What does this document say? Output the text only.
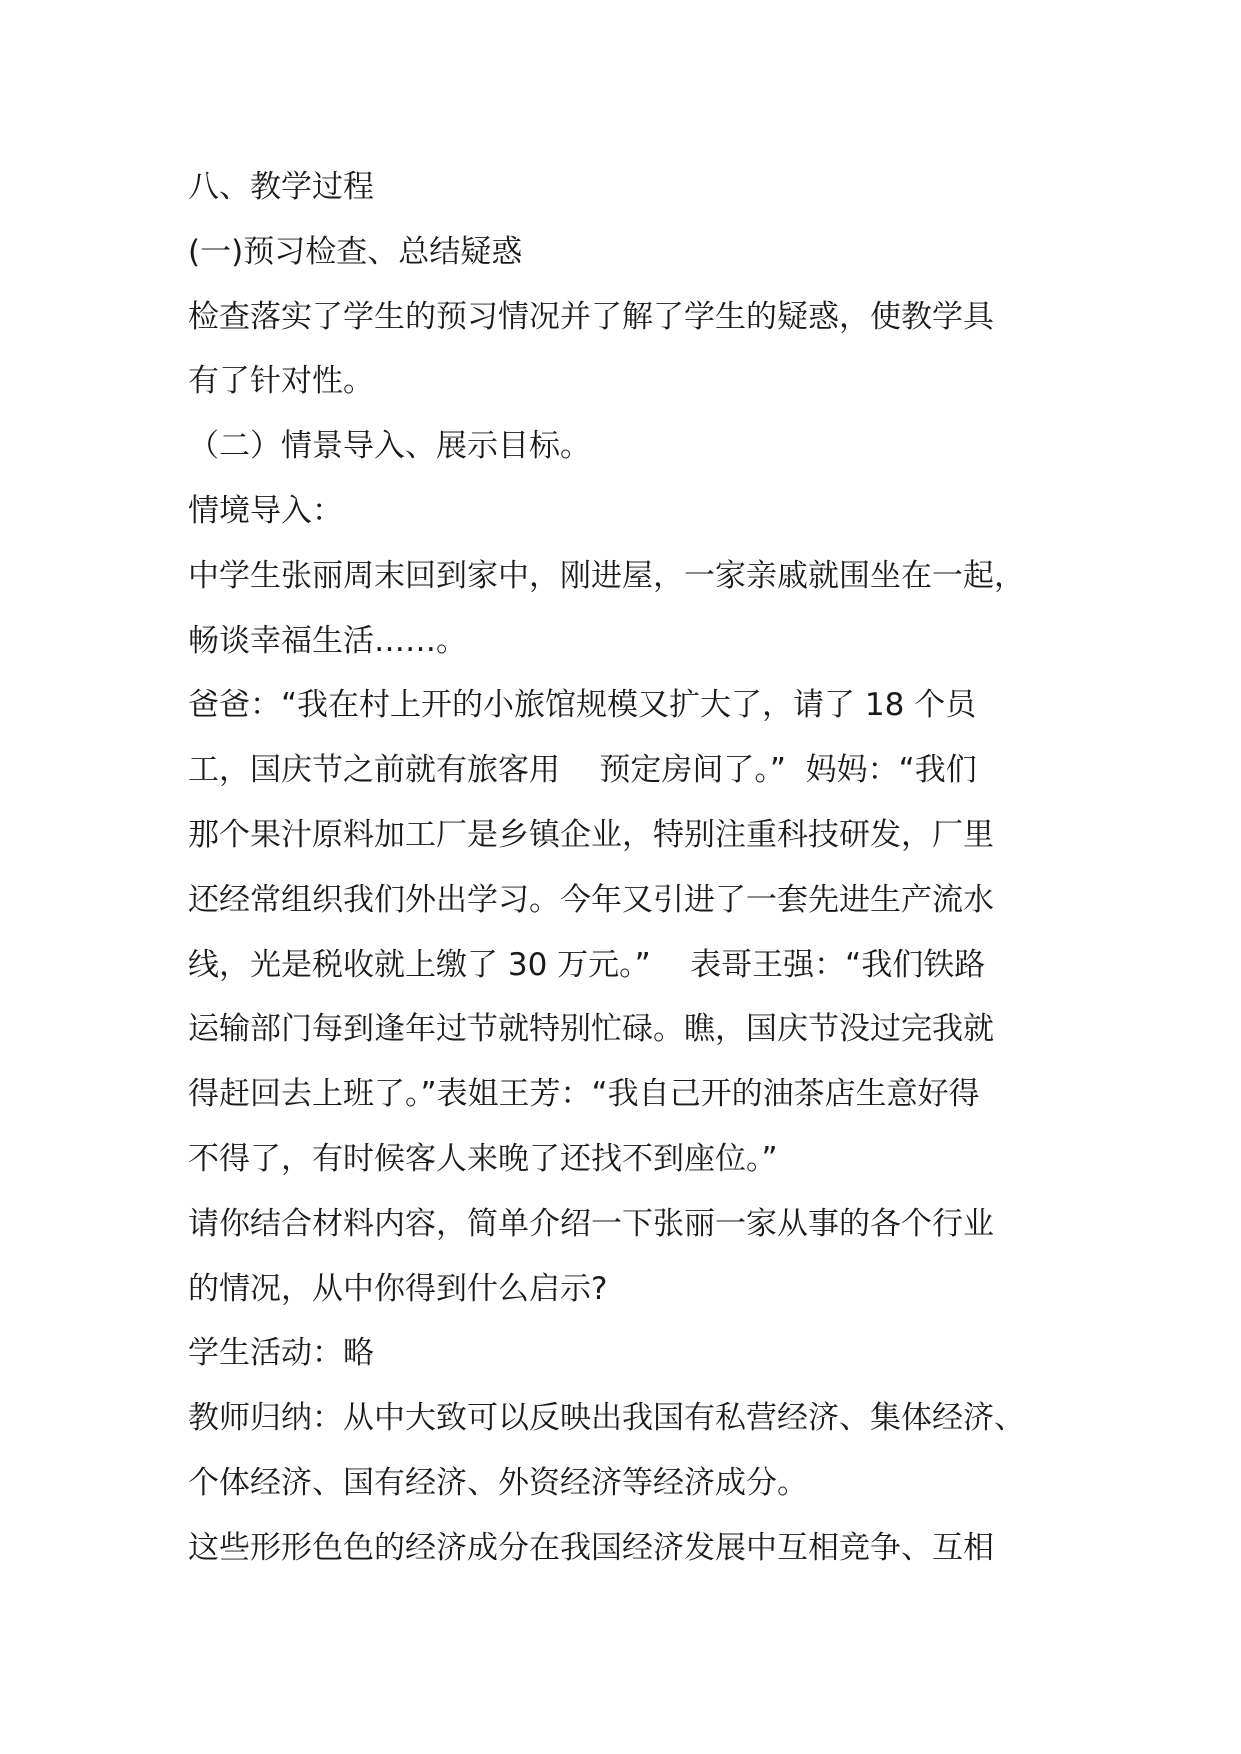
八、教学过程
(一)预习检查、总结疑惑
检查落实了学生的预习情况并了解了学生的疑惑，使教学具
有了针对性。
（二）情景导入、展示目标。
情境导入：
中学生张丽周末回到家中，刚进屋，一家亲戚就围坐在一起，
畅谈幸福生活……。
爸爸：“我在村上开的小旅馆规模又扩大了，请了 18 个员
工，国庆节之前就有旅客用    预定房间了。”  妈妈：“我们
那个果汁原料加工厂是乡镇企业，特别注重科技研发，厂里
还经常组织我们外出学习。今年又引进了一套先进生产流水
线，光是税收就上缴了 30 万元。”    表哥王强：“我们铁路
运输部门每到逢年过节就特别忙碌。瞧，国庆节没过完我就
得赶回去上班了。”表姐王芳：“我自己开的油茶店生意好得
不得了，有时候客人来晚了还找不到座位。”
请你结合材料内容，简单介绍一下张丽一家从事的各个行业
的情况，从中你得到什么启示?
学生活动：略
教师归纳：从中大致可以反映出我国有私营经济、集体经济、
个体经济、国有经济、外资经济等经济成分。
这些形形色色的经济成分在我国经济发展中互相竞争、互相
